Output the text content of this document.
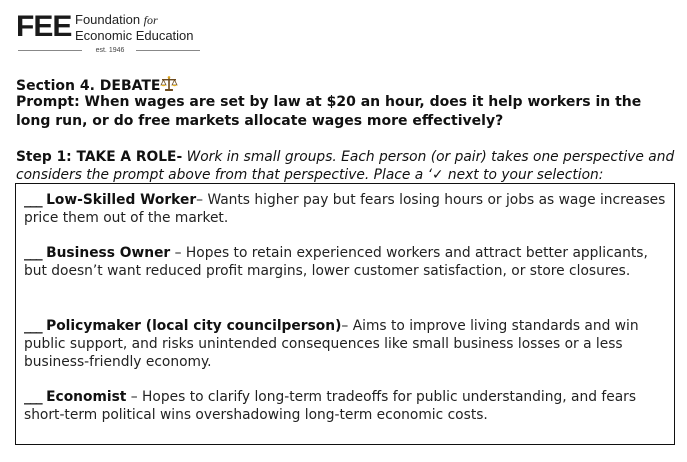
FEE Foundation for
Economic Education
est. 1946
Section 4. DEBATE
Prompt: When wages are set by law at $20 an hour, does it help workers in the long run, or do free markets allocate wages more effectively?
Step 1: TAKE A ROLE- Work in small groups. Each person (or pair) takes one perspective and considers the prompt above from that perspective. Place a ‘✓ next to your selection:
___ Low-Skilled Worker– Wants higher pay but fears losing hours or jobs as wage increases price them out of the market.
___ Business Owner – Hopes to retain experienced workers and attract better applicants, but doesn’t want reduced profit margins, lower customer satisfaction, or store closures.
___ Policymaker (local city councilperson)– Aims to improve living standards and win public support, and risks unintended consequences like small business losses or a less business-friendly economy.
___ Economist – Hopes to clarify long-term tradeoffs for public understanding, and fears short-term political wins overshadowing long-term economic costs.
